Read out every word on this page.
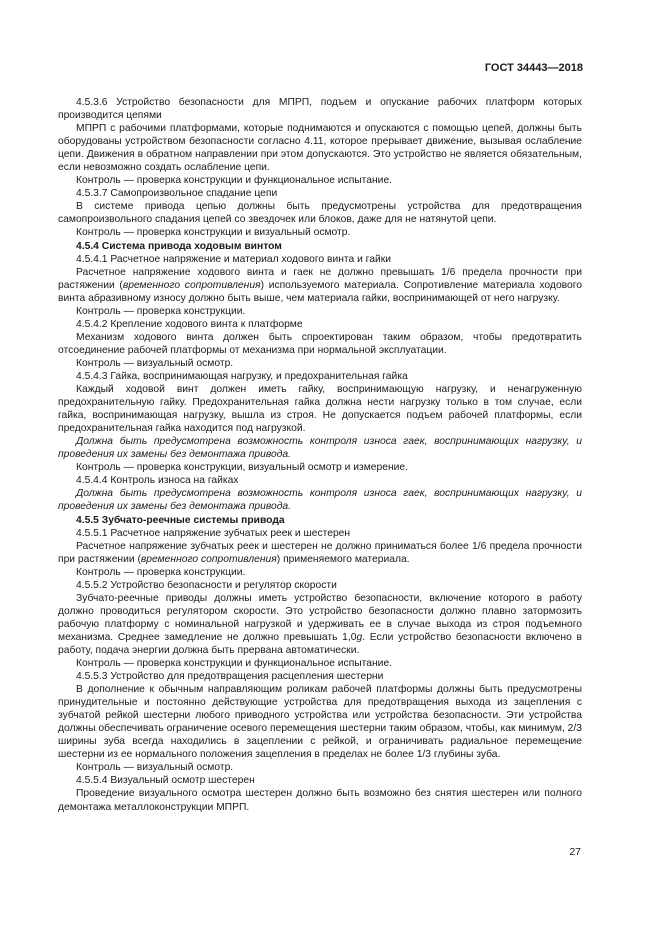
ГОСТ 34443—2018

4.5.3.6 Устройство безопасности для МПРП, подъем и опускание рабочих платформ которых производится цепями

МПРП с рабочими платформами, которые поднимаются и опускаются с помощью цепей, должны быть оборудованы устройством безопасности согласно 4.11, которое прерывает движение, вызывая ослабление цепи. Движения в обратном направлении при этом допускаются. Это устройство не является обязательным, если невозможно создать ослабление цепи.

Контроль — проверка конструкции и функциональное испытание.

4.5.3.7 Самопроизвольное спадание цепи

В системе привода цепью должны быть предусмотрены устройства для предотвращения самопроизвольного спадания цепей со звездочек или блоков, даже для не натянутой цепи.

Контроль — проверка конструкции и визуальный осмотр.

4.5.4 Система привода ходовым винтом

4.5.4.1 Расчетное напряжение и материал ходового винта и гайки

Расчетное напряжение ходового винта и гаек не должно превышать 1/6 предела прочности при растяжении (временного сопротивления) используемого материала. Сопротивление материала ходового винта абразивному износу должно быть выше, чем материала гайки, воспринимающей от него нагрузку.

Контроль — проверка конструкции.

4.5.4.2 Крепление ходового винта к платформе

Механизм ходового винта должен быть спроектирован таким образом, чтобы предотвратить отсоединение рабочей платформы от механизма при нормальной эксплуатации.

Контроль — визуальный осмотр.

4.5.4.3 Гайка, воспринимающая нагрузку, и предохранительная гайка

Каждый ходовой винт должен иметь гайку, воспринимающую нагрузку, и ненагруженную предохранительную гайку. Предохранительная гайка должна нести нагрузку только в том случае, если гайка, воспринимающая нагрузку, вышла из строя. Не допускается подъем рабочей платформы, если предохранительная гайка находится под нагрузкой.

Должна быть предусмотрена возможность контроля износа гаек, воспринимающих нагрузку, и проведения их замены без демонтажа привода.

Контроль — проверка конструкции, визуальный осмотр и измерение.

4.5.4.4 Контроль износа на гайках

Должна быть предусмотрена возможность контроля износа гаек, воспринимающих нагрузку, и проведения их замены без демонтажа привода.

4.5.5 Зубчато-реечные системы привода

4.5.5.1 Расчетное напряжение зубчатых реек и шестерен

Расчетное напряжение зубчатых реек и шестерен не должно приниматься более 1/6 предела прочности при растяжении (временного сопротивления) применяемого материала.

Контроль — проверка конструкции.

4.5.5.2 Устройство безопасности и регулятор скорости

Зубчато-реечные приводы должны иметь устройство безопасности, включение которого в работу должно проводиться регулятором скорости. Это устройство безопасности должно плавно затормозить рабочую платформу с номинальной нагрузкой и удерживать ее в случае выхода из строя подъемного механизма. Среднее замедление не должно превышать 1,0g. Если устройство безопасности включено в работу, подача энергии должна быть прервана автоматически.

Контроль — проверка конструкции и функциональное испытание.

4.5.5.3 Устройство для предотвращения расцепления шестерни

В дополнение к обычным направляющим роликам рабочей платформы должны быть предусмотрены принудительные и постоянно действующие устройства для предотвращения выхода из зацепления с зубчатой рейкой шестерни любого приводного устройства или устройства безопасности. Эти устройства должны обеспечивать ограничение осевого перемещения шестерни таким образом, чтобы, как минимум, 2/3 ширины зуба всегда находились в зацеплении с рейкой, и ограничивать радиальное перемещение шестерни из ее нормального положения зацепления в пределах не более 1/3 глубины зуба.

Контроль — визуальный осмотр.

4.5.5.4 Визуальный осмотр шестерен

Проведение визуального осмотра шестерен должно быть возможно без снятия шестерен или полного демонтажа металлоконструкции МПРП.

27
